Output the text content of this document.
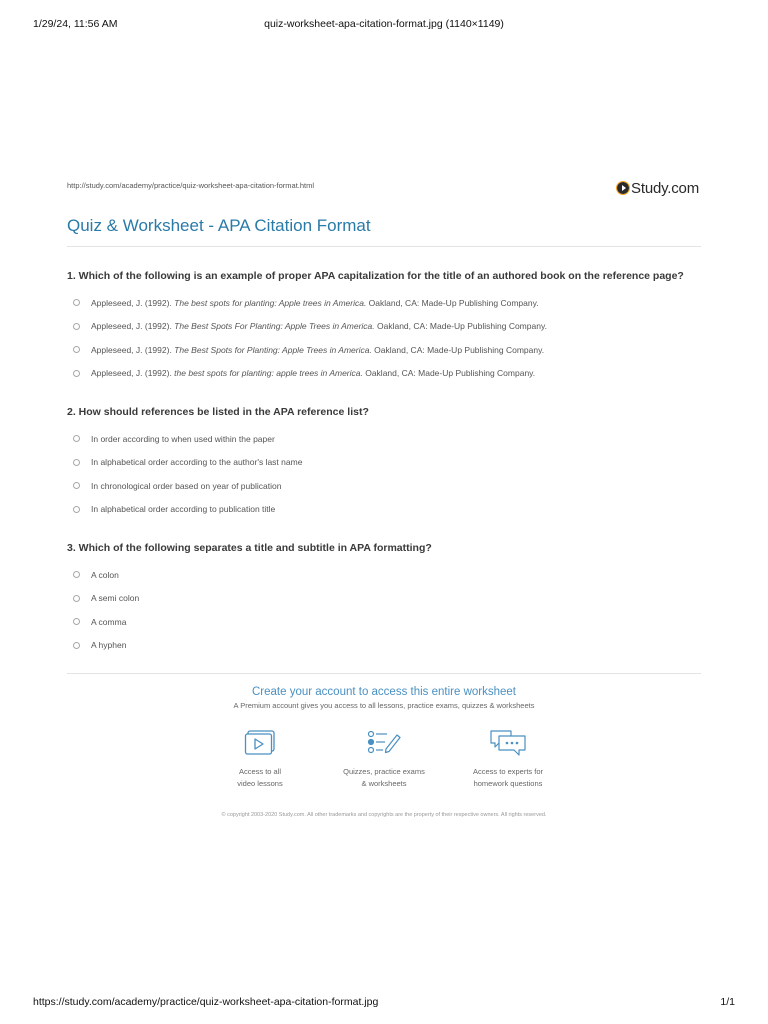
1/29/24, 11:56 AM	quiz-worksheet-apa-citation-format.jpg (1140×1149)
http://study.com/academy/practice/quiz-worksheet-apa-citation-format.html	Study.com
Quiz & Worksheet - APA Citation Format
1. Which of the following is an example of proper APA capitalization for the title of an authored book on the reference page?
Appleseed, J. (1992). The best spots for planting: Apple trees in America. Oakland, CA: Made-Up Publishing Company.
Appleseed, J. (1992). The Best Spots For Planting: Apple Trees in America. Oakland, CA: Made-Up Publishing Company.
Appleseed, J. (1992). The Best Spots for Planting: Apple Trees in America. Oakland, CA: Made-Up Publishing Company.
Appleseed, J. (1992). the best spots for planting: apple trees in America. Oakland, CA: Made-Up Publishing Company.
2. How should references be listed in the APA reference list?
In order according to when used within the paper
In alphabetical order according to the author's last name
In chronological order based on year of publication
In alphabetical order according to publication title
3. Which of the following separates a title and subtitle in APA formatting?
A colon
A semi colon
A comma
A hyphen
Create your account to access this entire worksheet
A Premium account gives you access to all lessons, practice exams, quizzes & worksheets
Access to all
video lessons
Quizzes, practice exams
& worksheets
Access to experts for
homework questions
© copyright 2003-2020 Study.com. All other trademarks and copyrights are the property of their respective owners. All rights reserved.
https://study.com/academy/practice/quiz-worksheet-apa-citation-format.jpg	1/1
